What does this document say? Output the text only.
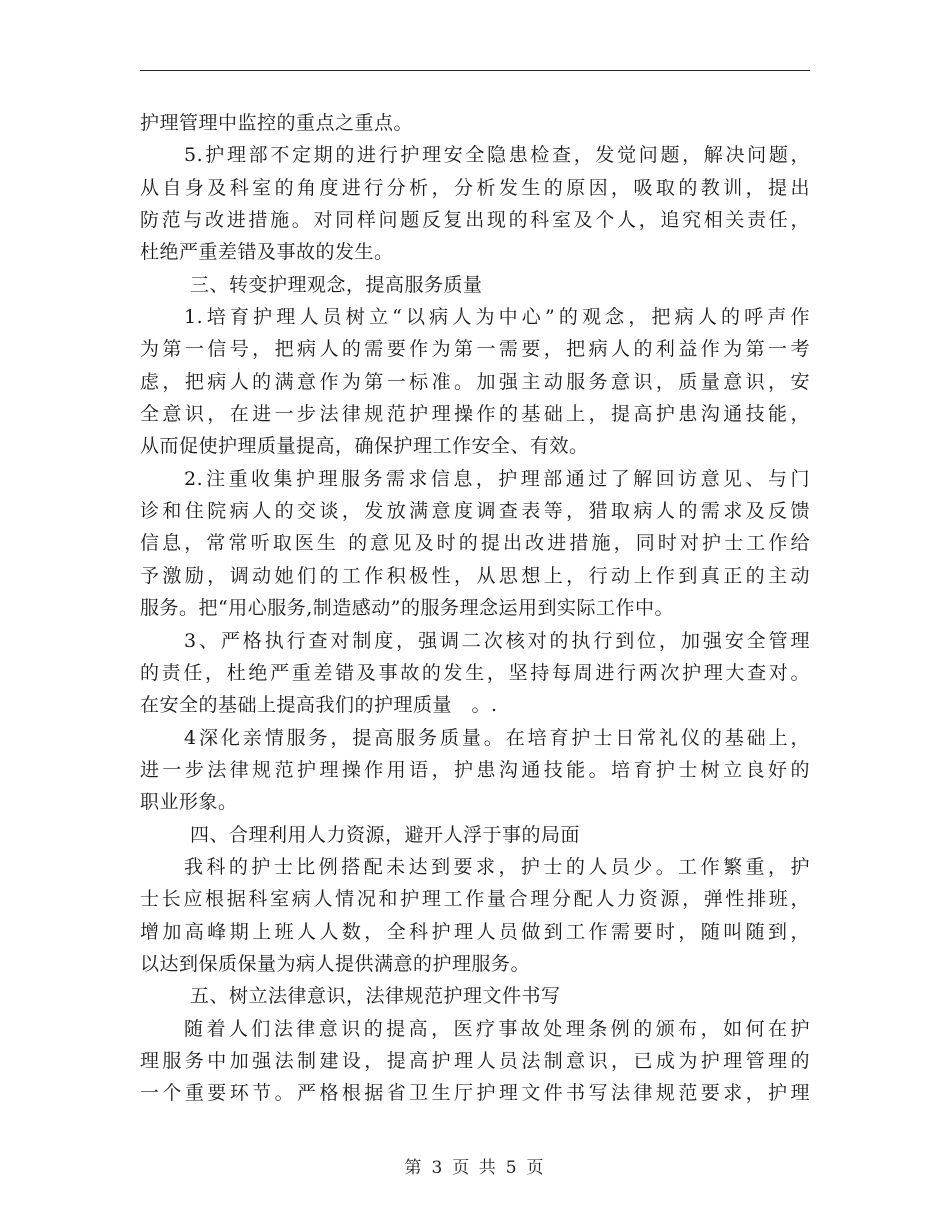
护理管理中监控的重点之重点。
5.护理部不定期的进行护理安全隐患检查，发觉问题，解决问题，
从自身及科室的角度进行分析，分析发生的原因，吸取的教训，提出
防范与改进措施。对同样问题反复出现的科室及个人，追究相关责任，
杜绝严重差错及事故的发生。
三、转变护理观念，提高服务质量
1.培育护理人员树立“以病人为中心”的观念，把病人的呼声作
为第一信号，把病人的需要作为第一需要，把病人的利益作为第一考
虑，把病人的满意作为第一标准。加强主动服务意识，质量意识，安
全意识，在进一步法律规范护理操作的基础上，提高护患沟通技能，
从而促使护理质量提高，确保护理工作安全、有效。
2.注重收集护理服务需求信息，护理部通过了解回访意见、与门
诊和住院病人的交谈，发放满意度调查表等，猎取病人的需求及反馈
信息，常常听取医生 的意见及时的提出改进措施，同时对护士工作给
予激励，调动她们的工作积极性，从思想上，行动上作到真正的主动
服务。把“用心服务,制造感动”的服务理念运用到实际工作中。
3、严格执行查对制度，强调二次核对的执行到位，加强安全管理
的责任，杜绝严重差错及事故的发生，坚持每周进行两次护理大查对。
在安全的基础上提高我们的护理质量　。.
4深化亲情服务，提高服务质量。在培育护士日常礼仪的基础上，
进一步法律规范护理操作用语，护患沟通技能。培育护士树立良好的
职业形象。
四、合理利用人力资源，避开人浮于事的局面
我科的护士比例搭配未达到要求，护士的人员少。工作繁重，护
士长应根据科室病人情况和护理工作量合理分配人力资源，弹性排班，
增加高峰期上班人人数，全科护理人员做到工作需要时，随叫随到，
以达到保质保量为病人提供满意的护理服务。
五、树立法律意识，法律规范护理文件书写
随着人们法律意识的提高，医疗事故处理条例的颁布，如何在护
理服务中加强法制建设，提高护理人员法制意识，已成为护理管理的
一个重要环节。严格根据省卫生厅护理文件书写法律规范要求，护理
第 3 页 共 5 页
